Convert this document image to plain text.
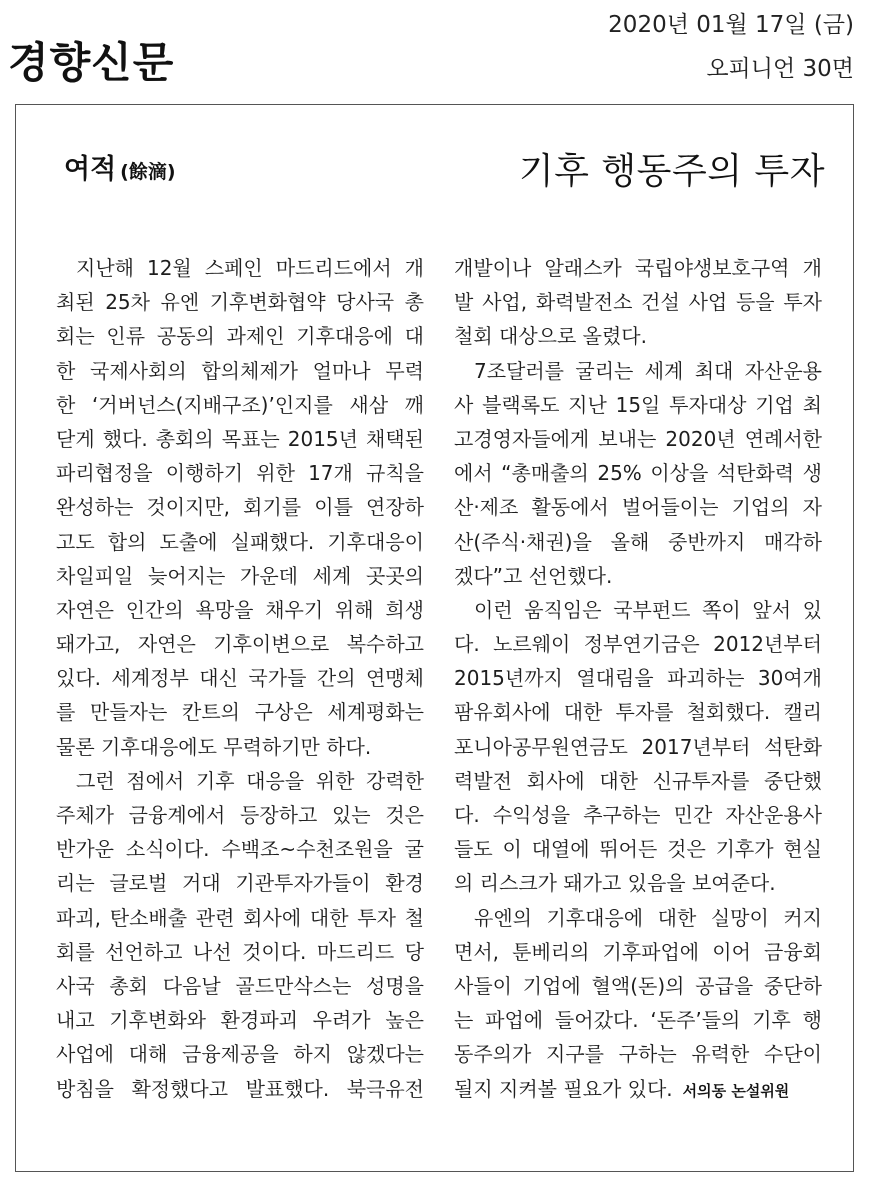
경향신문
2020년 01월 17일 (금)
오피니언 30면
여적 (餘滴)	기후 행동주의 투자
지난해 12월 스페인 마드리드에서 개
최된 25차 유엔 기후변화협약 당사국 총
회는 인류 공동의 과제인 기후대응에 대
한 국제사회의 합의체제가 얼마나 무력
한 ‘거버넌스(지배구조)’인지를 새삼 깨
닫게 했다. 총회의 목표는 2015년 채택된
파리협정을 이행하기 위한 17개 규칙을
완성하는 것이지만, 회기를 이틀 연장하
고도 합의 도출에 실패했다. 기후대응이
차일피일 늦어지는 가운데 세계 곳곳의
자연은 인간의 욕망을 채우기 위해 희생
돼가고, 자연은 기후이변으로 복수하고
있다. 세계정부 대신 국가들 간의 연맹체
를 만들자는 칸트의 구상은 세계평화는
물론 기후대응에도 무력하기만 하다.
그런 점에서 기후 대응을 위한 강력한
주체가 금융계에서 등장하고 있는 것은
반가운 소식이다. 수백조~수천조원을 굴
리는 글로벌 거대 기관투자가들이 환경
파괴, 탄소배출 관련 회사에 대한 투자 철
회를 선언하고 나선 것이다. 마드리드 당
사국 총회 다음날 골드만삭스는 성명을
내고 기후변화와 환경파괴 우려가 높은
사업에 대해 금융제공을 하지 않겠다는
방침을 확정했다고 발표했다. 북극유전
개발이나 알래스카 국립야생보호구역 개
발 사업, 화력발전소 건설 사업 등을 투자
철회 대상으로 올렸다.
7조달러를 굴리는 세계 최대 자산운용
사 블랙록도 지난 15일 투자대상 기업 최
고경영자들에게 보내는 2020년 연례서한
에서 “총매출의 25% 이상을 석탄화력 생
산·제조 활동에서 벌어들이는 기업의 자
산(주식·채권)을 올해 중반까지 매각하
겠다”고 선언했다.
이런 움직임은 국부펀드 쪽이 앞서 있
다. 노르웨이 정부연기금은 2012년부터
2015년까지 열대림을 파괴하는 30여개
팜유회사에 대한 투자를 철회했다. 캘리
포니아공무원연금도 2017년부터 석탄화
력발전 회사에 대한 신규투자를 중단했
다. 수익성을 추구하는 민간 자산운용사
들도 이 대열에 뛰어든 것은 기후가 현실
의 리스크가 돼가고 있음을 보여준다.
유엔의 기후대응에 대한 실망이 커지
면서, 툰베리의 기후파업에 이어 금융회
사들이 기업에 혈액(돈)의 공급을 중단하
는 파업에 들어갔다. ‘돈주’들의 기후 행
동주의가 지구를 구하는 유력한 수단이
될지 지켜볼 필요가 있다. 서의동 논설위원
